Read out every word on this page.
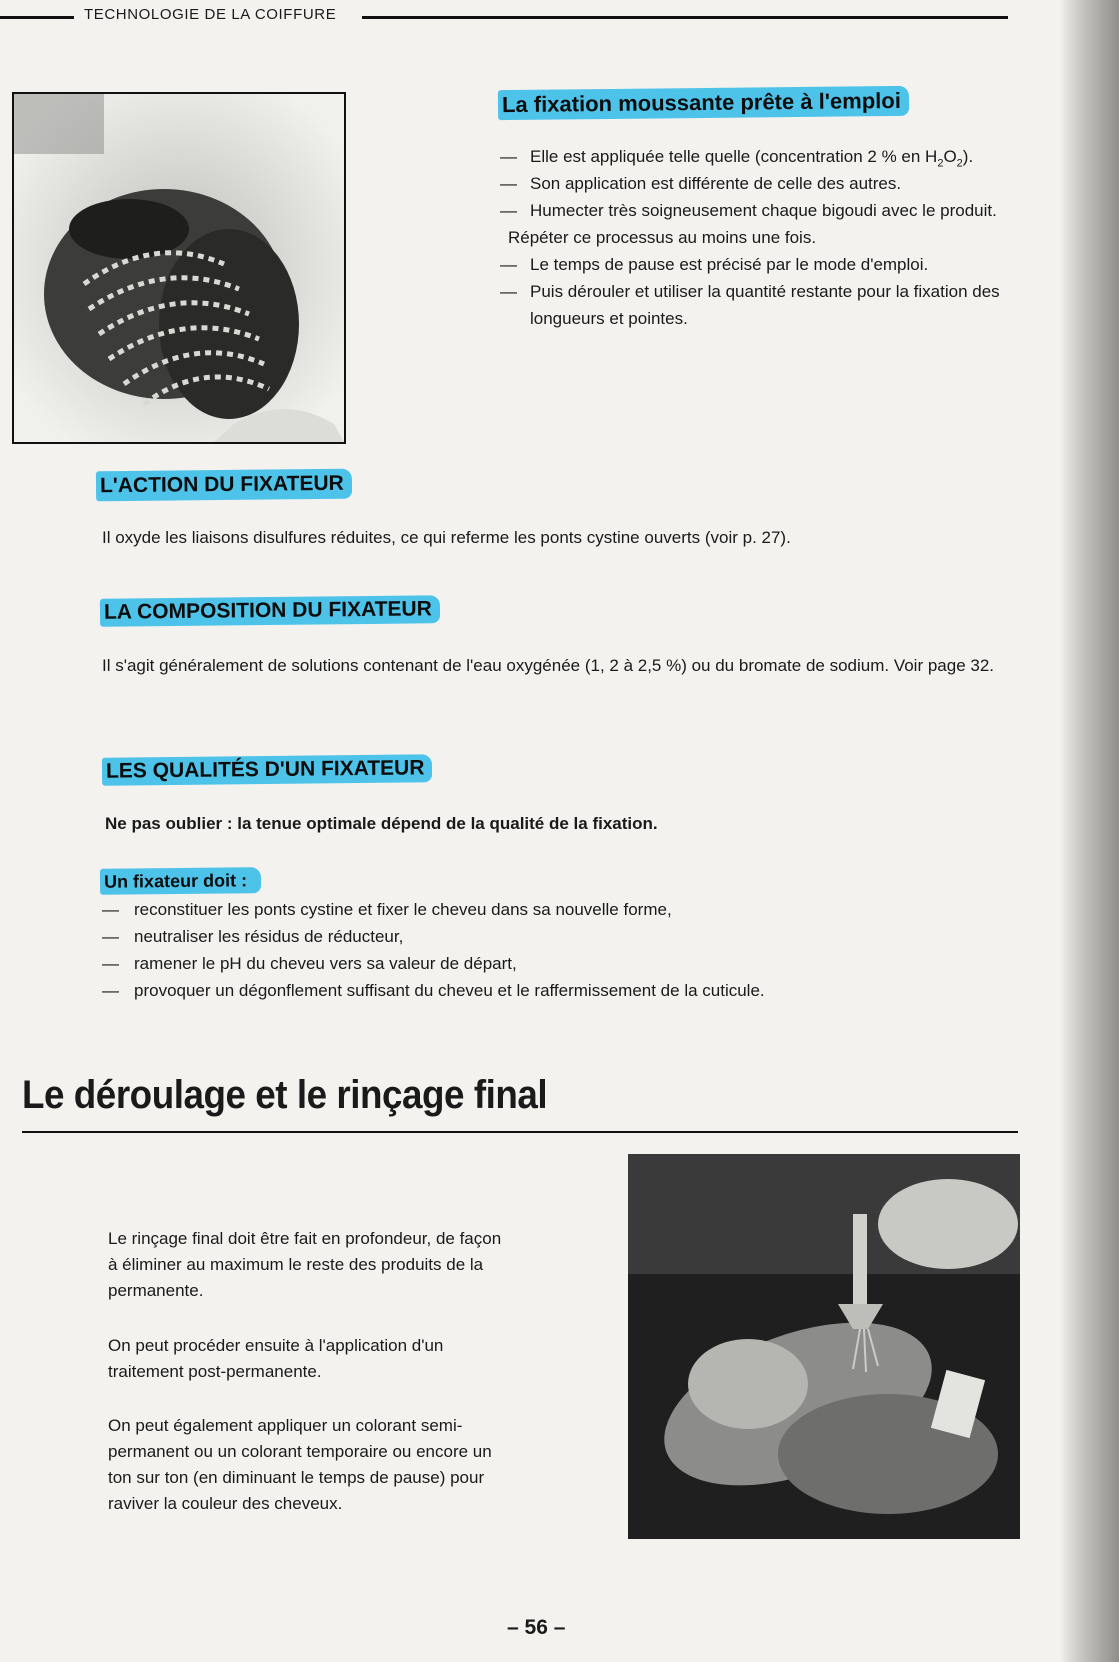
TECHNOLOGIE DE LA COIFFURE
La fixation moussante prête à l'emploi
— Elle est appliquée telle quelle (concentration 2 % en $H_2O_2$).
— Son application est différente de celle des autres.
— Humecter très soigneusement chaque bigoudi avec le produit.
Répéter ce processus au moins une fois.
— Le temps de pause est précisé par le mode d'emploi.
— Puis dérouler et utiliser la quantité restante pour la fixation des longueurs et pointes.
L'ACTION DU FIXATEUR
Il oxyde les liaisons disulfures réduites, ce qui referme les ponts cystine ouverts (voir p. 27).
LA COMPOSITION DU FIXATEUR
Il s'agit généralement de solutions contenant de l'eau oxygénée (1, 2 à 2,5 %) ou du bromate de sodium. Voir page 32.
LES QUALITÉS D'UN FIXATEUR
Ne pas oublier : la tenue optimale dépend de la qualité de la fixation.
Un fixateur doit :
— reconstituer les ponts cystine et fixer le cheveu dans sa nouvelle forme,
— neutraliser les résidus de réducteur,
— ramener le pH du cheveu vers sa valeur de départ,
— provoquer un dégonflement suffisant du cheveu et le raffermissement de la cuticule.
Le déroulage et le rinçage final
Le rinçage final doit être fait en profondeur, de façon à éliminer au maximum le reste des produits de la permanente.
On peut procéder ensuite à l'application d'un traitement post-permanente.
On peut également appliquer un colorant semi-permanent ou un colorant temporaire ou encore un ton sur ton (en diminuant le temps de pause) pour raviver la couleur des cheveux.
– 56 –
